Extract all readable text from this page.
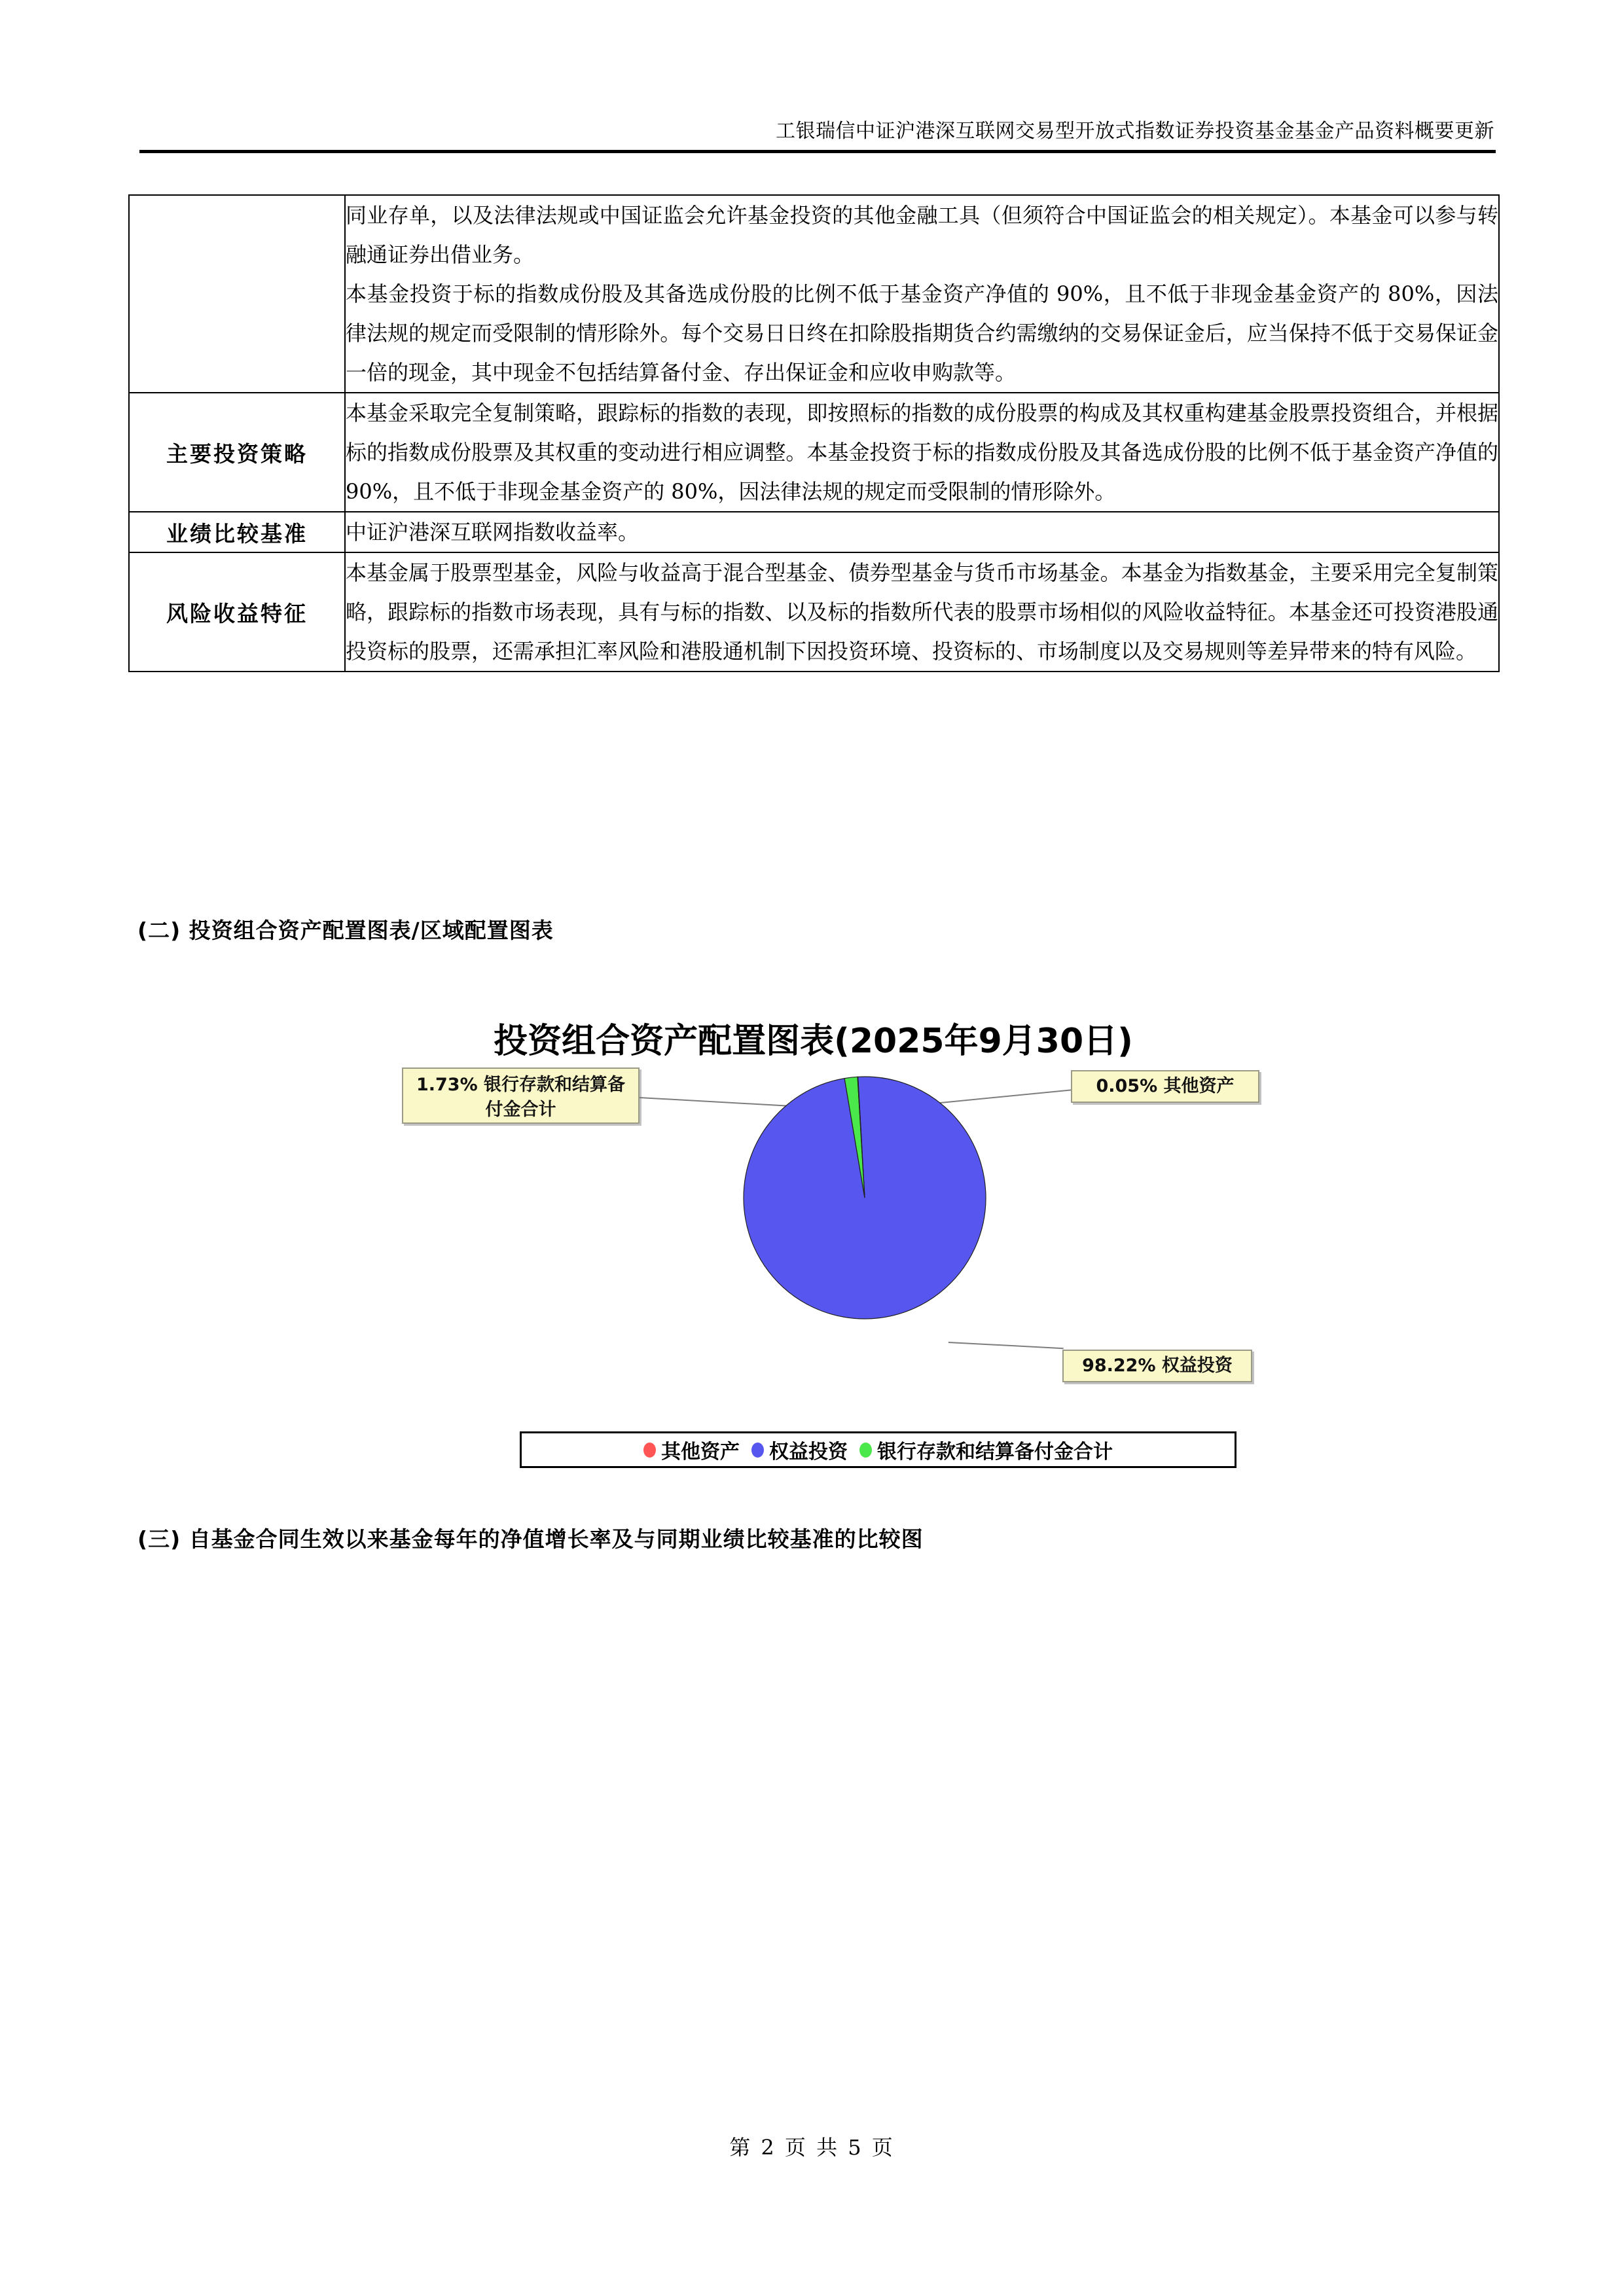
工银瑞信中证沪港深互联网交易型开放式指数证券投资基金基金产品资料概要更新

	同业存单，以及法律法规或中国证监会允许基金投资的其他金融工具（但须符合中国证监会的相关规定）。本基金可以参与转融通证券出借业务。

本基金投资于标的指数成份股及其备选成份股的比例不低于基金资产净值的 90%，且不低于非现金基金资产的 80%，因法律法规的规定而受限制的情形除外。每个交易日日终在扣除股指期货合约需缴纳的交易保证金后，应当保持不低于交易保证金一倍的现金，其中现金不包括结算备付金、存出保证金和应收申购款等。

主要投资策略	本基金采取完全复制策略，跟踪标的指数的表现，即按照标的指数的成份股票的构成及其权重构建基金股票投资组合，并根据标的指数成份股票及其权重的变动进行相应调整。本基金投资于标的指数成份股及其备选成份股的比例不低于基金资产净值的 90%，且不低于非现金基金资产的 80%，因法律法规的规定而受限制的情形除外。

业绩比较基准	中证沪港深互联网指数收益率。

风险收益特征	本基金属于股票型基金，风险与收益高于混合型基金、债券型基金与货币市场基金。本基金为指数基金，主要采用完全复制策略，跟踪标的指数市场表现，具有与标的指数、以及标的指数所代表的股票市场相似的风险收益特征。本基金还可投资港股通投资标的股票，还需承担汇率风险和港股通机制下因投资环境、投资标的、市场制度以及交易规则等差异带来的特有风险。

(二) 投资组合资产配置图表/区域配置图表
投资组合资产配置图表(2025年9月30日)
1.73% 银行存款和结算备付金合计
0.05% 其他资产
98.22% 权益投资
其他资产 权益投资 银行存款和结算备付金合计
(三) 自基金合同生效以来基金每年的净值增长率及与同期业绩比较基准的比较图
第 2 页 共 5 页
